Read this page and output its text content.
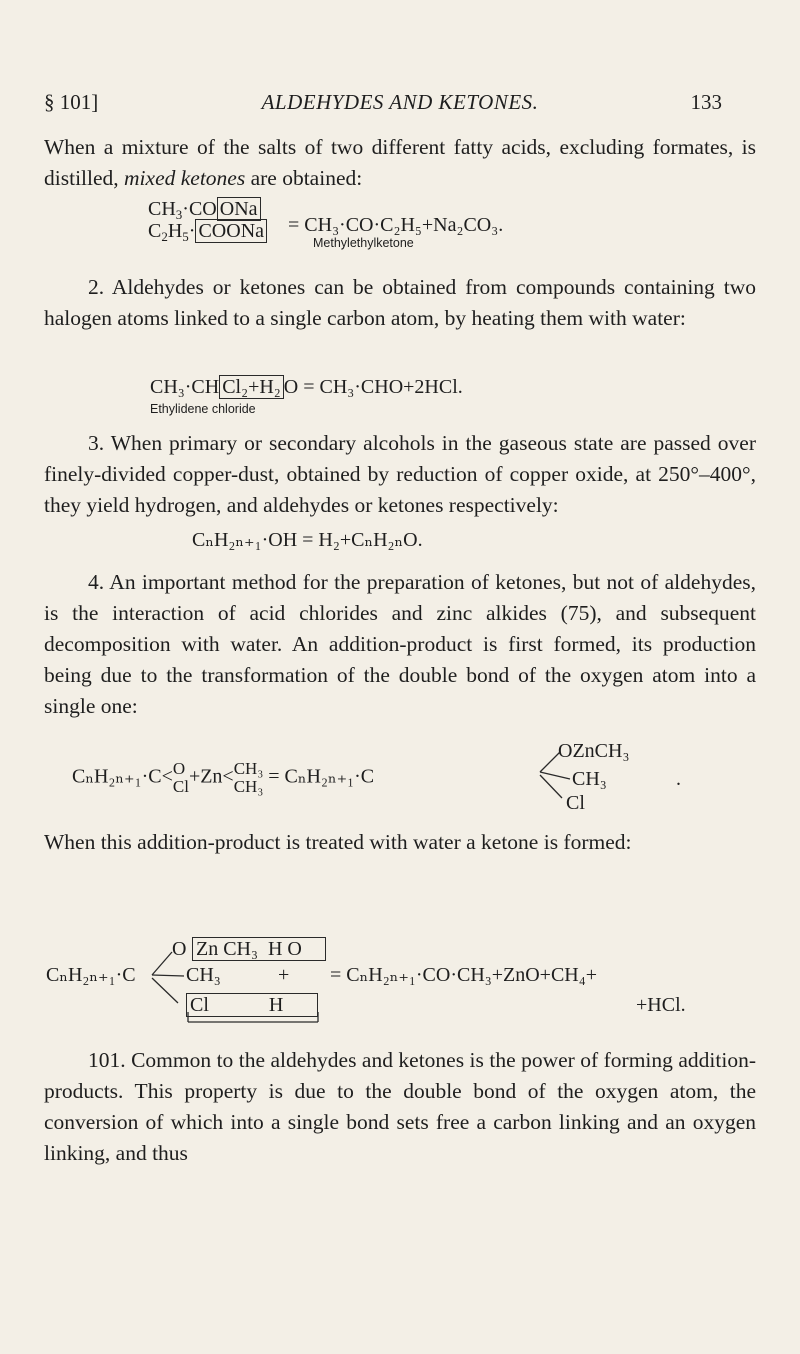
§ 101]	ALDEHYDES AND KETONES.	133
When a mixture of the salts of two different fatty acids, excluding formates, is distilled, mixed ketones are obtained:
$CH_3\cdot CO$ ONa
$C_2H_5\cdot$ COONa = CH₃·CO·C₂H₅+Na₂CO₃.
Methylethylketone
2. Aldehydes or ketones can be obtained from compounds containing two halogen atoms linked to a single carbon atom, by heating them with water:
CH₃·CH Cl₂+H₂ O = CH₃·CHO+2HCl.
Ethylidene chloride
3. When primary or secondary alcohols in the gaseous state are passed over finely-divided copper-dust, obtained by reduction of copper oxide, at 250°–400°, they yield hydrogen, and aldehydes or ketones respectively:
CₙH₂ₙ₊₁·OH = H₂+CₙH₂ₙO.
4. An important method for the preparation of ketones, but not of aldehydes, is the interaction of acid chlorides and zinc alkides (75), and subsequent decomposition with water. An addition-product is first formed, its production being due to the transformation of the double bond of the oxygen atom into a single one:
CₙH₂ₙ₊₁·C< O
Cl +Zn< CH₃
CH₃ = CₙH₂ₙ₊₁·C
OZnCH₃
CH₃
Cl
.
When this addition-product is treated with water a ketone is formed:
CₙH₂ₙ₊₁·C
O Zn CH₃  H O
CH₃	+
Cl            H
= CₙH₂ₙ₊₁·CO·CH₃+ZnO+CH₄+
+HCl.
101. Common to the aldehydes and ketones is the power of forming addition-products. This property is due to the double bond of the oxygen atom, the conversion of which into a single bond sets free a carbon linking and an oxygen linking, and thus
